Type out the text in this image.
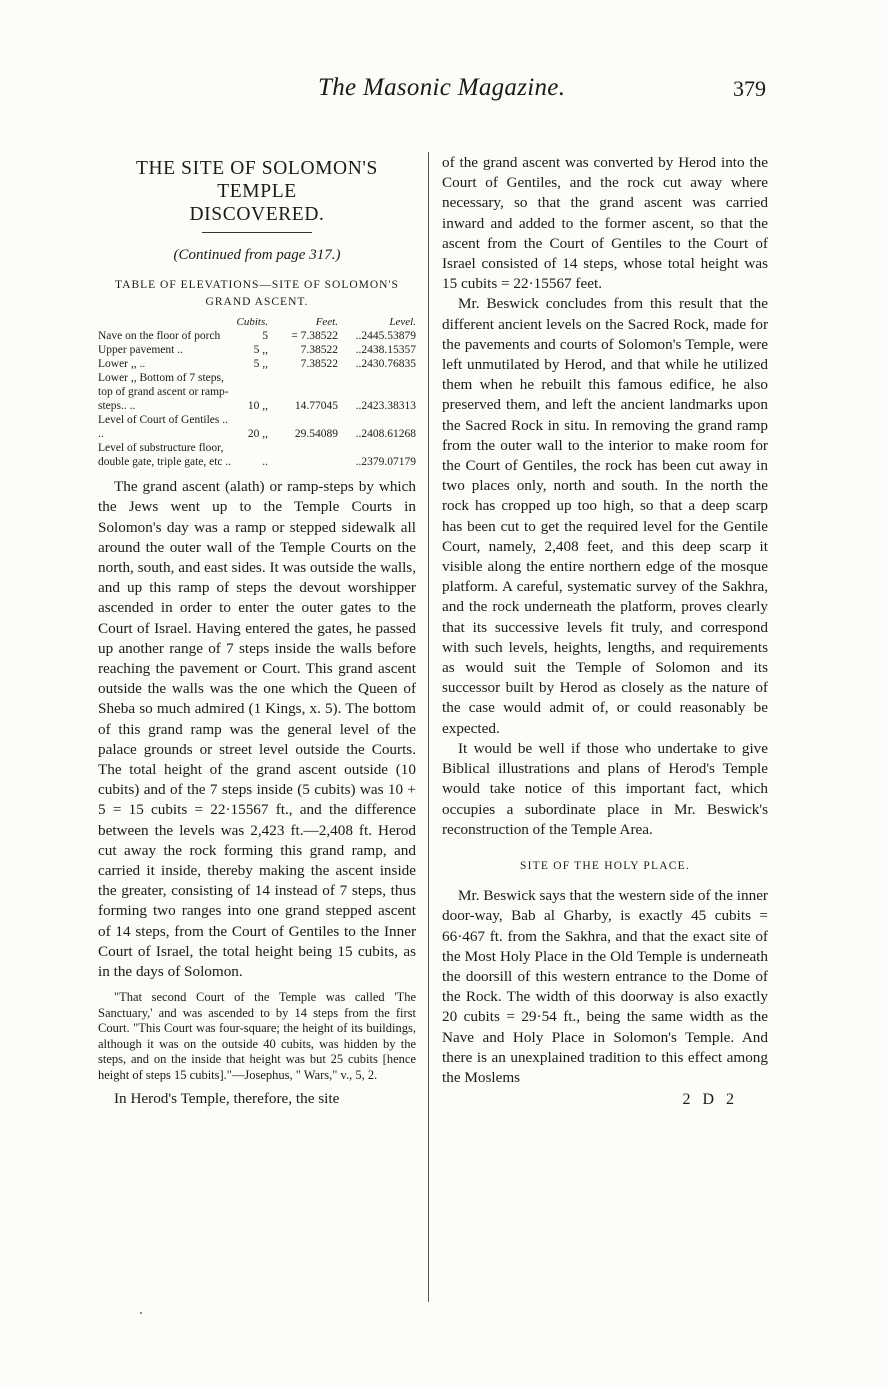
The Masonic Magazine.	379
THE SITE OF SOLOMON'S TEMPLE
DISCOVERED.
(Continued from page 317.)
TABLE OF ELEVATIONS—SITE OF SOLOMON'S
GRAND ASCENT.
	Cubits.	Feet.	Level.
Nave on the floor of porch	5	= 7.38522	..2445.53879
Upper pavement ..	5 ,,	7.38522	..2438.15357
Lower ,, ..	5 ,,	7.38522	..2430.76835
Lower ,, Bottom of 7 steps, top of grand ascent or ramp-steps.. ..	10 ,,	14.77045	..2423.38313
Level of Court of Gentiles .. ..	20 ,,	29.54089	..2408.61268
Level of substructure floor, double gate, triple gate, etc ..	..		..2379.07179

The grand ascent (alath) or ramp-steps by which the Jews went up to the Temple Courts in Solomon's day was a ramp or stepped sidewalk all around the outer wall of the Temple Courts on the north, south, and east sides. It was outside the walls, and up this ramp of steps the devout worshipper ascended in order to enter the outer gates to the Court of Israel. Having entered the gates, he passed up another range of 7 steps inside the walls before reaching the pavement or Court. This grand ascent outside the walls was the one which the Queen of Sheba so much admired (1 Kings, x. 5). The bottom of this grand ramp was the general level of the palace grounds or street level outside the Courts. The total height of the grand ascent outside (10 cubits) and of the 7 steps inside (5 cubits) was 10 + 5 = 15 cubits = 22·15567 ft., and the difference between the levels was 2,423 ft.—2,408 ft. Herod cut away the rock forming this grand ramp, and carried it inside, thereby making the ascent inside the greater, consisting of 14 instead of 7 steps, thus forming two ranges into one grand stepped ascent of 14 steps, from the Court of Gentiles to the Inner Court of Israel, the total height being 15 cubits, as in the days of Solomon.

"That second Court of the Temple was called 'The Sanctuary,' and was ascended to by 14 steps from the first Court. "This Court was four-square; the height of its buildings, although it was on the outside 40 cubits, was hidden by the steps, and on the inside that height was but 25 cubits [hence height of steps 15 cubits]."—Josephus, " Wars," v., 5, 2.

In Herod's Temple, therefore, the site

of the grand ascent was converted by Herod into the Court of Gentiles, and the rock cut away where necessary, so that the grand ascent was carried inward and added to the former ascent, so that the ascent from the Court of Gentiles to the Court of Israel consisted of 14 steps, whose total height was 15 cubits = 22·15567 feet.

Mr. Beswick concludes from this result that the different ancient levels on the Sacred Rock, made for the pavements and courts of Solomon's Temple, were left unmutilated by Herod, and that while he utilized them when he rebuilt this famous edifice, he also preserved them, and left the ancient landmarks upon the Sacred Rock in situ. In removing the grand ramp from the outer wall to the interior to make room for the Court of Gentiles, the rock has been cut away in two places only, north and south. In the north the rock has cropped up too high, so that a deep scarp has been cut to get the required level for the Gentile Court, namely, 2,408 feet, and this deep scarp it visible along the entire northern edge of the mosque platform. A careful, systematic survey of the Sakhra, and the rock underneath the platform, proves clearly that its successive levels fit truly, and correspond with such levels, heights, lengths, and requirements as would suit the Temple of Solomon and its successor built by Herod as closely as the nature of the case would admit of, or could reasonably be expected.

It would be well if those who undertake to give Biblical illustrations and plans of Herod's Temple would take notice of this important fact, which occupies a subordinate place in Mr. Beswick's reconstruction of the Temple Area.

SITE OF THE HOLY PLACE.

Mr. Beswick says that the western side of the inner door-way, Bab al Gharby, is exactly 45 cubits = 66·467 ft. from the Sakhra, and that the exact site of the Most Holy Place in the Old Temple is underneath the doorsill of this western entrance to the Dome of the Rock. The width of this doorway is also exactly 20 cubits = 29·54 ft., being the same width as the Nave and Holy Place in Solomon's Temple. And there is an unexplained tradition to this effect among the Moslems

2 D 2
